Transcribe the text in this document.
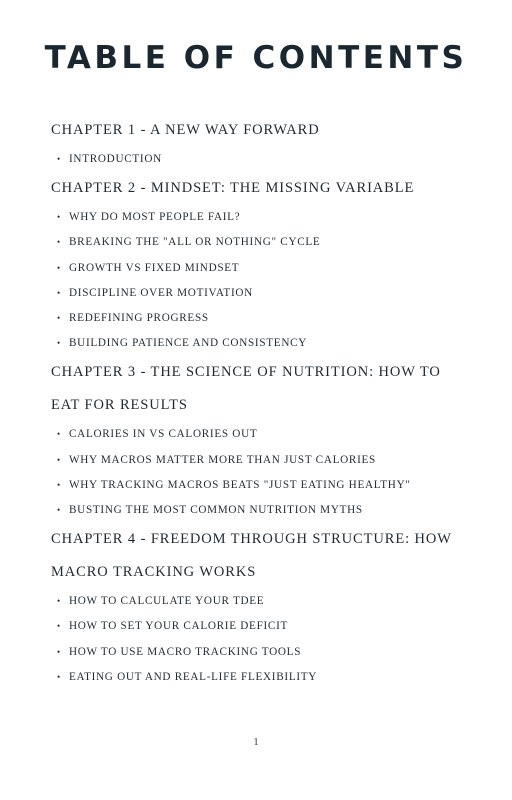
TABLE OF CONTENTS
CHAPTER 1 - A NEW WAY FORWARD
• INTRODUCTION
CHAPTER 2 - MINDSET: THE MISSING VARIABLE
• WHY DO MOST PEOPLE FAIL?
• BREAKING THE "ALL OR NOTHING" CYCLE
• GROWTH VS FIXED MINDSET
• DISCIPLINE OVER MOTIVATION
• REDEFINING PROGRESS
• BUILDING PATIENCE AND CONSISTENCY
CHAPTER 3 - THE SCIENCE OF NUTRITION: HOW TO
EAT FOR RESULTS
• CALORIES IN VS CALORIES OUT
• WHY MACROS MATTER MORE THAN JUST CALORIES
• WHY TRACKING MACROS BEATS "JUST EATING HEALTHY"
• BUSTING THE MOST COMMON NUTRITION MYTHS
CHAPTER 4 - FREEDOM THROUGH STRUCTURE: HOW
MACRO TRACKING WORKS
• HOW TO CALCULATE YOUR TDEE
• HOW TO SET YOUR CALORIE DEFICIT
• HOW TO USE MACRO TRACKING TOOLS
• EATING OUT AND REAL-LIFE FLEXIBILITY
1
